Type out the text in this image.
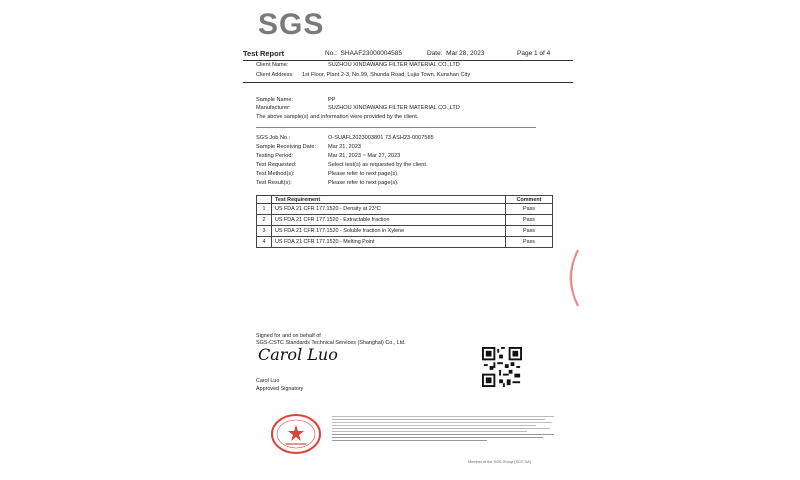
SGS
Test Report	No.: SHAAF23000004585	Date: Mar 28, 2023	Page 1 of 4
Client Name:	SUZHOU XINDAWANG FILTER MATERIAL CO.,LTD
Client Address: 1st Floor, Plant 2-3, No.99, Shunda Road, Lujia Town, Kunshan City
Sample Name:	PP
Manufacturer:	SUZHOU XINDAWANG FILTER MATERIAL CO.,LTD
The above sample(s) and information were provided by the client.
SGS Job No.:	O-SUAFL2023003801 73 ASH23-0007585
Sample Receiving Date: Mar 21, 2023
Testing Period:	Mar 21, 2023 ~ Mar 27, 2023
Test Requested:	Select test(s) as requested by the client.
Test Method(s):	Please refer to next page(s).
Test Result(s):	Please refer to next page(s).
	Test Requirement	Comment
1	US FDA 21 CFR 177.1520 - Density at 23°C	Pass
2	US FDA 21 CFR 177.1520 - Extractable fraction	Pass
3	US FDA 21 CFR 177.1520 - Soluble fraction in Xylene	Pass
4	US FDA 21 CFR 177.1520 - Melting Point	Pass
Signed for and on behalf of
SGS-CSTC Standards Technical Services (Shanghai) Co., Ltd.
Carol Luo
Carol Luo
Approved Signatory
Member of the SGS Group (SGS SA)
